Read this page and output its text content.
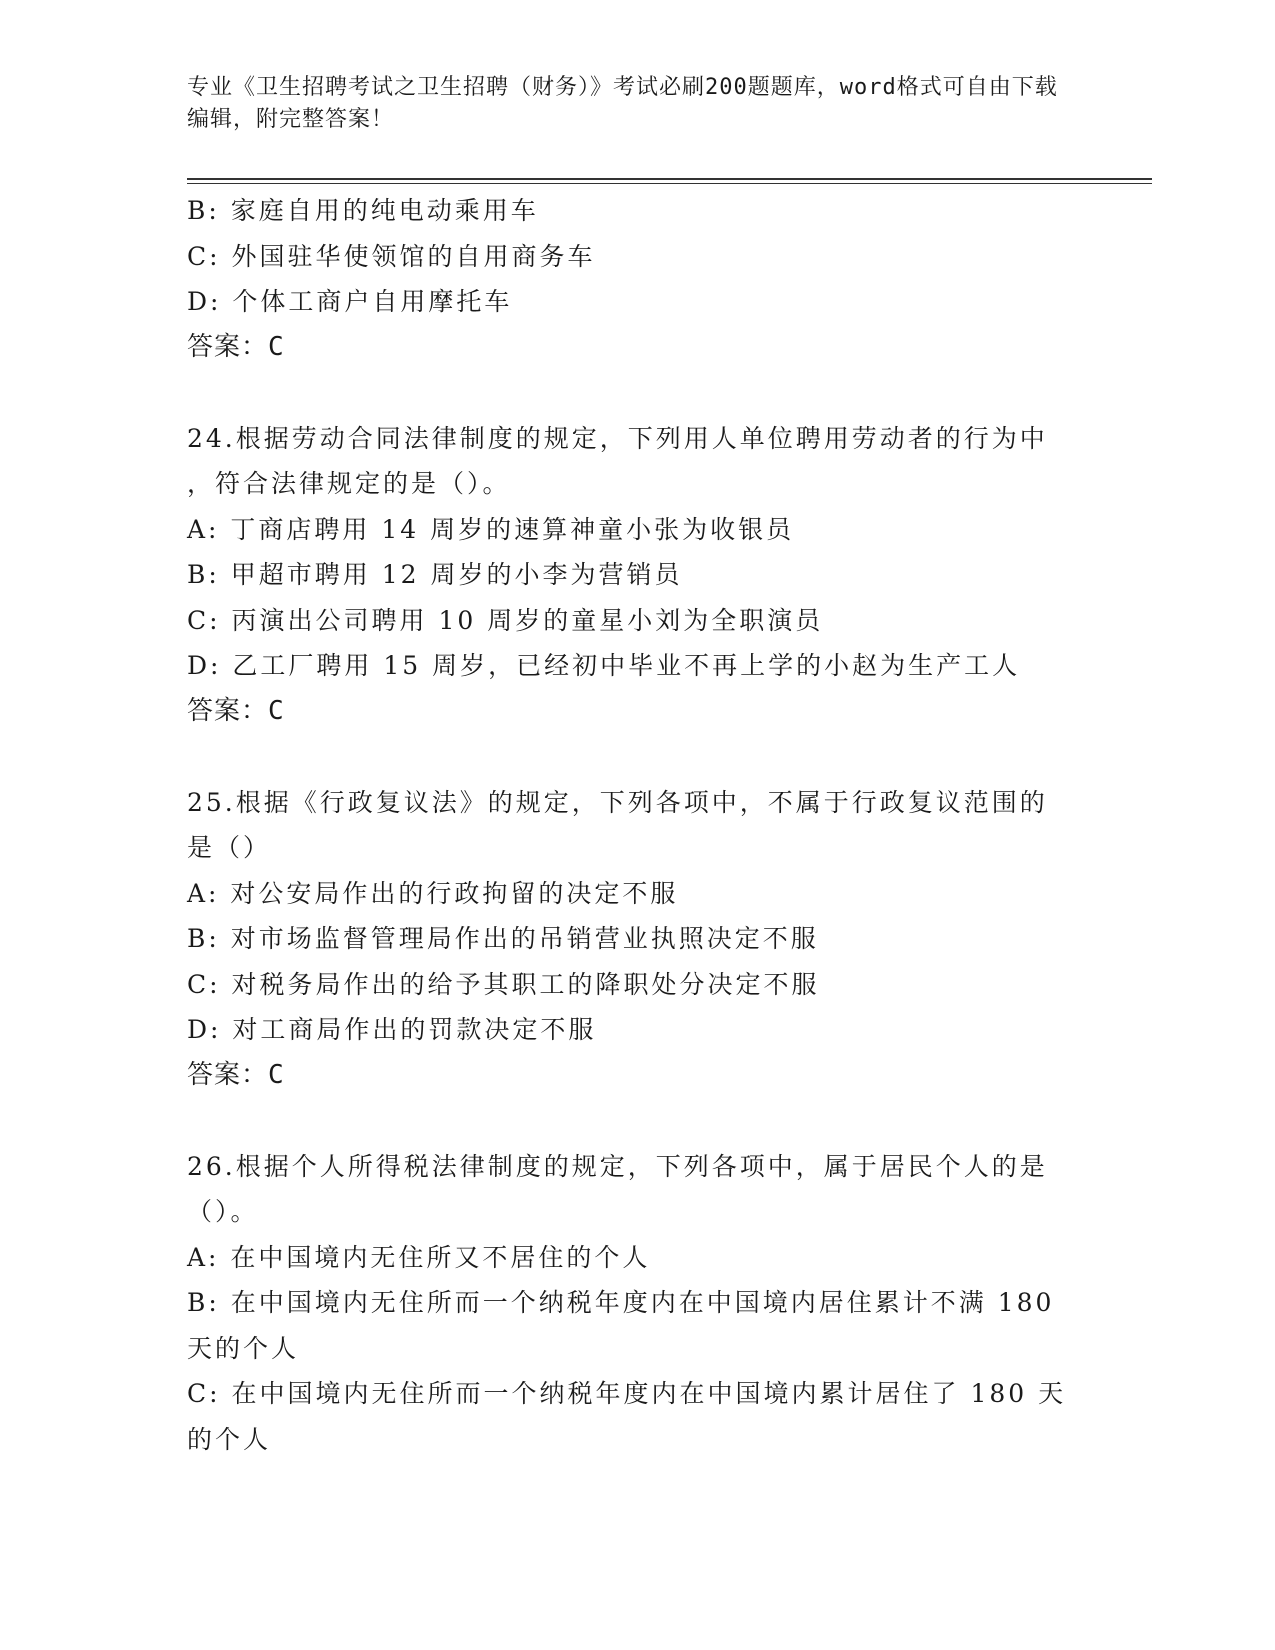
专业《卫生招聘考试之卫生招聘（财务）》考试必刷200题题库，word格式可自由下载编辑，附完整答案！
B: 家庭自用的纯电动乘用车
C: 外国驻华使领馆的自用商务车
D: 个体工商户自用摩托车
答案：C
24.根据劳动合同法律制度的规定，下列用人单位聘用劳动者的行为中
，符合法律规定的是（）。
A: 丁商店聘用 14 周岁的速算神童小张为收银员
B: 甲超市聘用 12 周岁的小李为营销员
C: 丙演出公司聘用 10 周岁的童星小刘为全职演员
D: 乙工厂聘用 15 周岁，已经初中毕业不再上学的小赵为生产工人
答案：C
25.根据《行政复议法》的规定，下列各项中，不属于行政复议范围的
是（）
A: 对公安局作出的行政拘留的决定不服
B: 对市场监督管理局作出的吊销营业执照决定不服
C: 对税务局作出的给予其职工的降职处分决定不服
D: 对工商局作出的罚款决定不服
答案：C
26.根据个人所得税法律制度的规定，下列各项中，属于居民个人的是
（）。
A: 在中国境内无住所又不居住的个人
B: 在中国境内无住所而一个纳税年度内在中国境内居住累计不满 180
天的个人
C: 在中国境内无住所而一个纳税年度内在中国境内累计居住了 180 天
的个人
